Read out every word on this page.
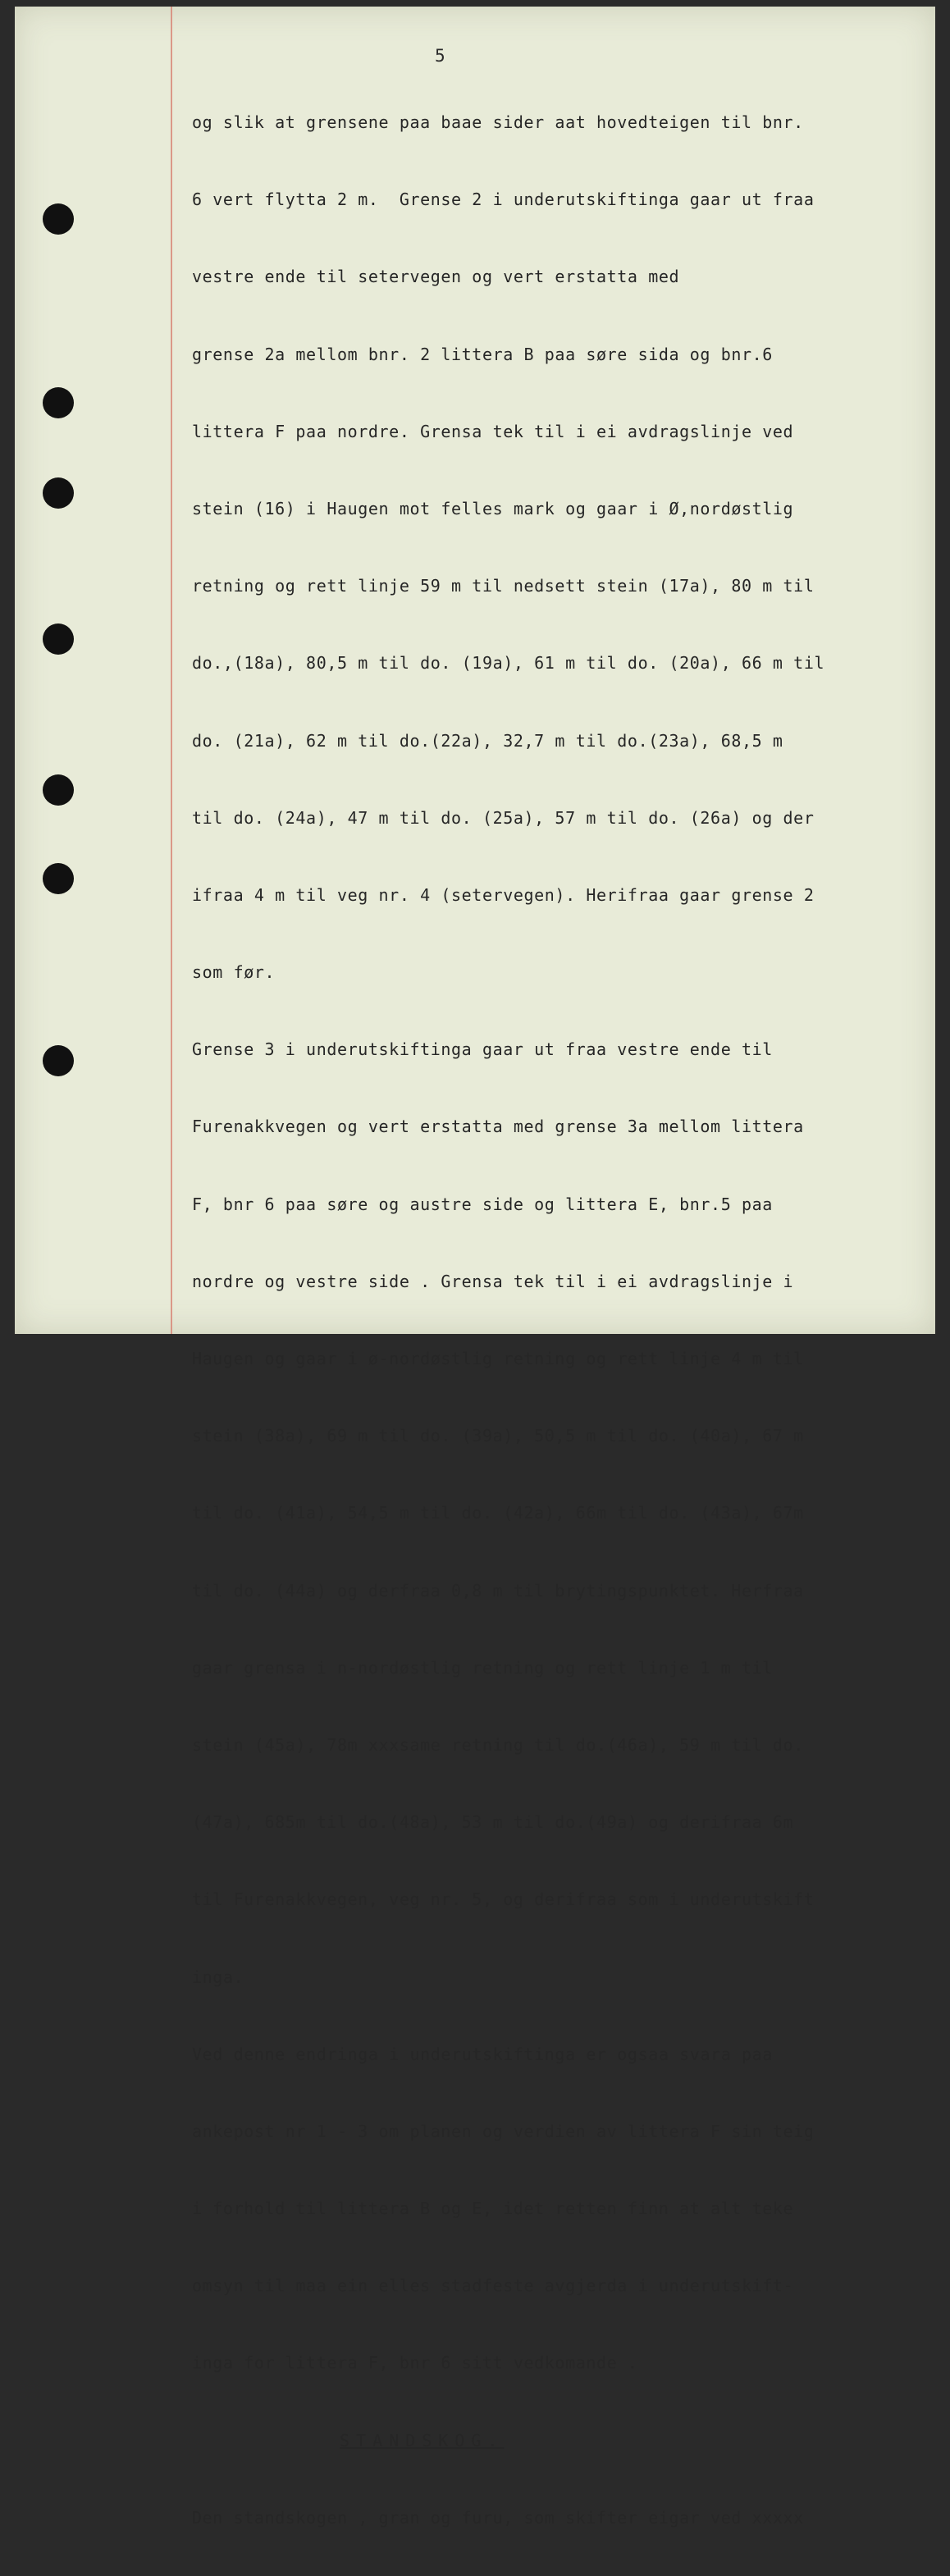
5

og slik at grensene paa baae sider aat hovedteigen til bnr.

6 vert flytta 2 m.  Grense 2 i underutskiftinga gaar ut fraa

vestre ende til setervegen og vert erstatta med

grense 2a mellom bnr. 2 littera B paa søre sida og bnr.6

littera F paa nordre. Grensa tek til i ei avdragslinje ved

stein (16) i Haugen mot felles mark og gaar i Ø,nordøstlig

retning og rett linje 59 m til nedsett stein (17a), 80 m til

do.,(18a), 80,5 m til do. (19a), 61 m til do. (20a), 66 m til

do. (21a), 62 m til do.(22a), 32,7 m til do.(23a), 68,5 m

til do. (24a), 47 m til do. (25a), 57 m til do. (26a) og der

ifraa 4 m til veg nr. 4 (setervegen). Herifraa gaar grense 2

som før.

Grense 3 i underutskiftinga gaar ut fraa vestre ende til

Furenakkvegen og vert erstatta med grense 3a mellom littera

F, bnr 6 paa søre og austre side og littera E, bnr.5 paa

nordre og vestre side . Grensa tek til i ei avdragslinje i

Haugen og gaar i ø-nordøstlig retning og rett linje 4 m til

stein (38a), 69 m til do. (39a), 50,5 m til do. (40a), 67 m

til do. (41a), 54,5 m til do. (42a), 66m til do. (43a), 67m

til do. (44a) og derfraa 0,8 m til brytingspunktet. Herfraa

gaar grensa i n-nordøstlig retning og rett linje 1 m til

stein (45a), 78m xxxsame retning til do.(46a), 59 m til do.

(47a), 685m til do.(48a), 53 m til do.(49a) og derifraa 6m

til Furenakkvegen, veg nr. 5, og derifraa som i underutskift

inga.

Ved denne endringa i underutskiftinga er ogsaa svara paa

ankepost nr 1 - 3 om planen og verdien av littera F sin teig

i forhold til littera B og E, idet retten finn at alt teke

omsyn til maa ein elles stadfeste avgjerda i underutskift-

inga for littera F, bnr 6 sitt vedkomande .

STANDSKOG.

Den standskogen , gran og furu, som skifter eigar ved xxxxx
